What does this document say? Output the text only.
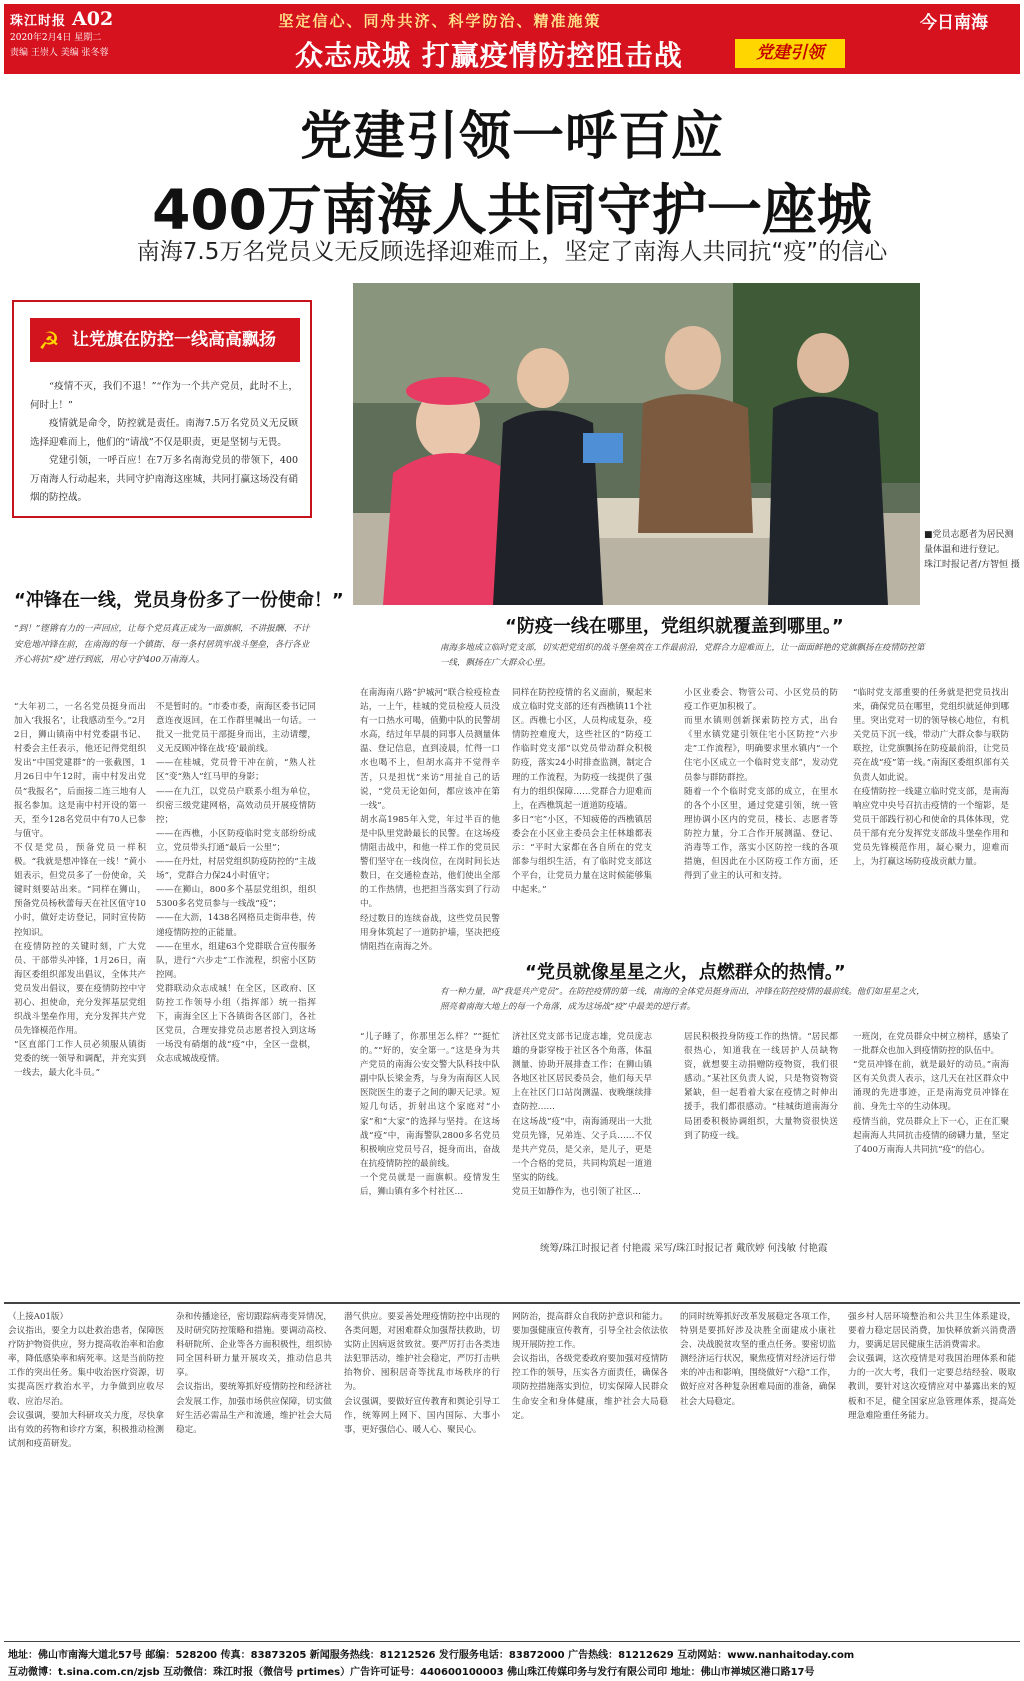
珠江时报 A02
2020年2月4日 星期二
责编 王崇人 美编 张冬蓉
坚定信心、同舟共济、科学防治、精准施策
众志成城 打赢疫情防控阻击战	党建引领
今日南海
党建引领一呼百应
400万南海人共同守护一座城
南海7.5万名党员义无反顾选择迎难而上，坚定了南海人共同抗“疫”的信心
让党旗在防控一线高高飘扬
☭

“疫情不灭，我们不退！”“作为一个共产党员，此时不上，何时上！”

疫情就是命令，防控就是责任。南海7.5万名党员义无反顾选择迎难而上，他们的“请战”不仅是职责，更是坚韧与无畏。

党建引领，一呼百应！在7万多名南海党员的带领下，400万南海人行动起来，共同守护南海这座城，共同打赢这场没有硝烟的防控战。

■党员志愿者为居民测量体温和进行登记。
珠江时报记者/方智恒 摄
“冲锋在一线，党员身份多了一份使命！”
“到！”铿锵有力的一声回应，让每个党员真正成为一面旗帜，不讲报酬、不计安危地冲锋在前，在南海的每一个镇街、每一条村居筑牢战斗堡垒，各行各业齐心将抗“疫”进行到底，用心守护400万南海人。
“防疫一线在哪里，党组织就覆盖到哪里。”
南海多地成立临时党支部，切实把党组织的战斗堡垒筑在工作最前沿，党群合力迎难而上，让一面面鲜艳的党旗飘扬在疫情防控第一线，飘扬在广大群众心里。
“党员就像星星之火，点燃群众的热情。”
有一种力量，叫“我是共产党员”。在防控疫情的第一线，南海的全体党员挺身而出，冲锋在防控疫情的最前线。他们如星星之火，照亮着南海大地上的每一个角落，成为这场战“疫”中最美的逆行者。
“大年初二，一名名党员挺身而出加入‘我报名’，让我感动至今。”2月2日，狮山镇南中村党委副书记、村委会主任表示，他还记得党组织发出“中国党建群”的一张截图，1月26日中午12时，南中村发出党员“我报名”，后面接二连三地有人报名参加。这是南中村开设的第一天，至今128名党员中有70人已参与值守。
不仅是党员，预备党员一样积极。“我就是想冲锋在一线！”黄小姐表示，但党员多了一份使命，关键时刻要站出来。“同样在狮山，预备党员杨秋蕾每天在社区值守10小时，做好走访登记，同时宣传防控知识。
在疫情防控的关键时刻，广大党员、干部带头冲锋，1月26日，南海区委组织部发出倡议，全体共产党员发出倡议，要在疫情防控中守初心、担使命，充分发挥基层党组织战斗堡垒作用，充分发挥共产党员先锋模范作用。
“区直部门工作人员必须服从镇街党委的统一领导和调配，并充实到一线去，最大化斗员。”
不是暂时的。“市委市委，南海区委书记同意连夜返回，在工作群里喊出一句话。一批又一批党员干部挺身而出，主动请缨，义无反顾冲锋在战‘疫’最前线。
——在桂城，党员骨干冲在前，“熟人社区”变“熟人”红马甲的身影；
——在九江，以党员户联系小组为单位，织密三级党建网格，高效动员开展疫情防控；
——在西樵，小区防疫临时党支部纷纷成立，党员带头打通“最后一公里”；
——在丹灶，村居党组织防疫防控的“主战场”，党群合力保24小时值守；
——在狮山，800多个基层党组织，组织5300多名党员参与一线战“疫”；
——在大沥，1438名网格员走街串巷，传递疫情防控的正能量。
——在里水，组建63个党群联合宣传服务队，进行“六步走”工作流程，织密小区防控网。
党群联动众志成城！在全区，区政府、区防控工作领导小组（指挥部）统一指挥下，南海全区上下各镇街各区部门，各社区党员，合理安排党员志愿者投入到这场一场没有硝烟的战“疫”中，全区一盘棋，众志成城战疫情。
在南海南八路“护城河”联合检疫检查站，一上午，桂城的党员检疫人员没有一口热水可喝，值勤中队的民警胡水高，结过年早晨的同事人员测量体温、登记信息，直到凌晨，忙得一口水也喝不上，但胡水高并不觉得辛苦，只是担忧“来访”用扯自己的话说，“党员无论如何，都应该冲在第一线”。
胡水高1985年入党，年过半百的他是中队里党龄最长的民警。在这场疫情阻击战中，和他一样工作的党员民警们坚守在一线岗位，在岗时间长达数日，在交通检查站，他们使出全部的工作热情，也把担当落实到了行动中。
经过数日的连续奋战，这些党员民警用身体筑起了一道防护墙，坚决把疫情阻挡在南海之外。
同样在防控疫情的名义面前，聚起来成立临时党支部的还有西樵镇11个社区。西樵七小区，人员构成复杂，疫情防控难度大，这些社区的“防疫工作临时党支部”以党员带动群众积极防疫，落实24小时排查监测，制定合理的工作流程，为防疫一线提供了强有力的组织保障……党群合力迎难而上，在西樵筑起一道道防疫墙。
多日“宅”小区，不知疲倦的西樵镇居委会在小区业主委员会主任林雄都表示：“平时大家都在各自所在的党支部参与组织生活，有了临时党支部这个平台，让党员力量在这时候能够集中起来。”
小区业委会、物管公司、小区党员的防疫工作更加积极了。
而里水镇则创新探索防控方式，出台《里水镇党建引领住宅小区防控“六步走”工作流程》，明确要求里水镇内“一个住宅小区成立一个临时党支部”，发动党员参与群防群控。
随着一个个临时党支部的成立，在里水的各个小区里，通过党建引领，统一管理协调小区内的党员，楼长、志愿者等防控力量，分工合作开展测温、登记、消毒等工作，落实小区防控一线的各项措施，但因此在小区防疫工作方面，还得到了业主的认可和支持。
“临时党支部重要的任务就是把党员找出来，确保党员在哪里，党组织就延伸到哪里。突出党对一切的领导核心地位，有机关党员下沉一线，带动广大群众参与联防联控，让党旗飘扬在防疫最前沿，让党员亮在战“疫”第一线。”南海区委组织部有关负责人如此说。
在疫情防控一线建立临时党支部，是南海响应党中央号召抗击疫情的一个缩影，是党员干部践行初心和使命的具体体现，党员干部有充分发挥党支部战斗堡垒作用和党员先锋模范作用，凝心聚力，迎难而上，为打赢这场防疫战贡献力量。
“儿子睡了，你那里怎么样？”“挺忙的。”“好的，安全第一。”这是身为共产党员的南海公安交警大队科技中队副中队长梁金秀，与身为南海区人民医院医生的妻子之间的聊天记录。短短几句话，折射出这个家庭对“小家”和“大家”的选择与坚持。在这场战“疫”中，南海警队2800多名党员积极响应党员号召，挺身而出，奋战在抗疫情防控的最前线。
一个党员就是一面旗帜。疫情发生后，狮山镇有多个村社区…
济社区党支部书记庞志雄，党员庞志雄的身影穿梭于社区各个角落，体温测量、协助开展排查工作；在狮山镇各地区社区居民委员会，他们每天早上在社区门口站岗测温、夜晚继续排查防控……
在这场战“疫”中，南海涌现出一大批党员先锋，兄弟连、父子兵……不仅是共产党员，是父亲，是儿子，更是一个合格的党员，共同构筑起一道道坚实的防线。
党员王如静作为，也引领了社区…
居民积极投身防疫工作的热情。“居民都很热心，知道我在一线居护人员缺物资，就想要主动捐赠防疫物资，我们很感动。”某社区负责人说，只是物资物资紧缺，但一起看着大家在疫情之时伸出援手，我们都很感动。“桂城街道南海分局团委积极协调组织，大量物资很快送到了防疫一线。
一班岗，在党员群众中树立榜样，感染了一批群众也加入到疫情防控的队伍中。
“党员冲锋在前，就是最好的动员。”南海区有关负责人表示，这几天在社区群众中涌现的先进事迹，正是南海党员冲锋在前、身先士卒的生动体现。
疫情当前，党员群众上下一心，正在汇聚起南海人共同抗击疫情的磅礴力量，坚定了400万南海人共同抗“疫”的信心。
统筹/珠江时报记者 付艳霞 采写/珠江时报记者 戴欣婷 何浅敏 付艳霞
（上接A01版）
会议指出，要全力以赴救治患者，保障医疗防护物资供应，努力提高收治率和治愈率，降低感染率和病死率。这是当前防控工作的突出任务。集中收治医疗资源，切实提高医疗救治水平，力争做到应收尽收、应治尽治。
会议强调，要加大科研攻关力度，尽快拿出有效的药物和诊疗方案，积极推动检测试剂和疫苗研发。
杂和传播途径，密切跟踪病毒变异情况，及时研究防控策略和措施。要调动高校、科研院所、企业等各方面积极性，组织协同全国科研力量开展攻关，推动信息共享。
会议指出，要统筹抓好疫情防控和经济社会发展工作，加强市场供应保障，切实做好生活必需品生产和流通，维护社会大局稳定。
潜气供应。要妥善处理疫情防控中出现的各类问题，对困难群众加强帮扶救助，切实防止因病返贫致贫。要严厉打击各类违法犯罪活动，维护社会稳定，严厉打击哄抬物价、囤积居奇等扰乱市场秩序的行为。
会议强调，要做好宣传教育和舆论引导工作，统筹网上网下、国内国际、大事小事，更好强信心、暖人心、聚民心。
网防治，提高群众自我防护意识和能力。要加强健康宣传教育，引导全社会依法依规开展防控工作。
会议指出，各级党委政府要加强对疫情防控工作的领导，压实各方面责任，确保各项防控措施落实到位，切实保障人民群众生命安全和身体健康，维护社会大局稳定。
的同时统筹抓好改革发展稳定各项工作，特别是要抓好涉及决胜全面建成小康社会、决战脱贫攻坚的重点任务。要密切监测经济运行状况，聚焦疫情对经济运行带来的冲击和影响，围绕做好“六稳”工作，做好应对各种复杂困难局面的准备，确保社会大局稳定。
强乡村人居环境整治和公共卫生体系建设，要着力稳定居民消费，加快释放新兴消费潜力，要满足居民健康生活消费需求。
会议强调，这次疫情是对我国治理体系和能力的一次大考，我们一定要总结经验、吸取教训，要针对这次疫情应对中暴露出来的短板和不足，健全国家应急管理体系，提高处理急难险重任务能力。
地址：佛山市南海大道北57号 邮编：528200 传真：83873205 新闻服务热线：81212526 发行服务电话：83872000 广告热线：81212629 互动网站：www.nanhaitoday.com
互动微博：t.sina.com.cn/zjsb 互动微信：珠江时报（微信号 prtimes）广告许可证号：440600100003 佛山珠江传媒印务与发行有限公司印 地址：佛山市禅城区港口路17号
